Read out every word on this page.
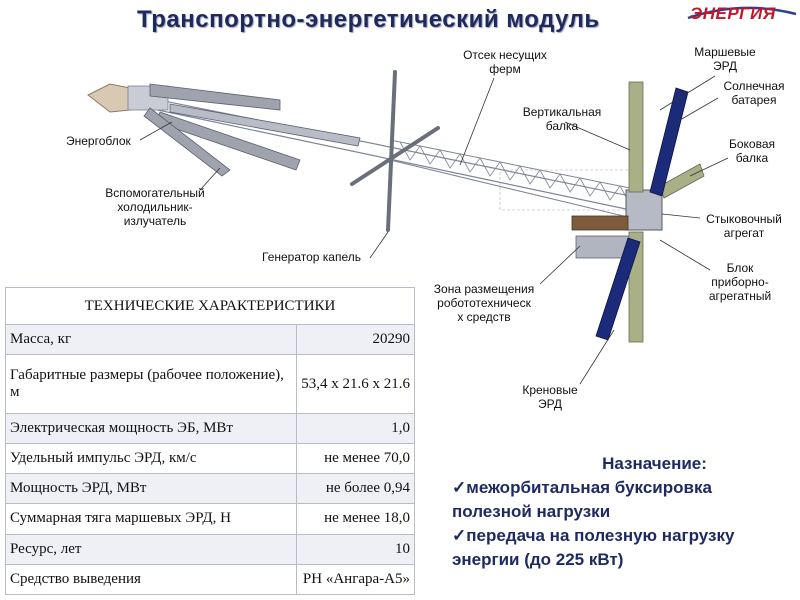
Транспортно-энергетический модуль	ЭНЕРГИЯ
Энергоблок
Вспомогательный
холодильник-
излучатель
Отсек несущих
ферм
Генератор капель
Вертикальная
балка
Маршевые
ЭРД
Солнечная
батарея
Боковая
балка
Стыковочный
агрегат
Блок
приборно-
агрегатный
Зона размещения
робототехническ
х средств
Креновые
ЭРД
ТЕХНИЧЕСКИЕ ХАРАКТЕРИСТИКИ	
Масса, кг	20290
Габаритные размеры (рабочее положение), м	53,4 х 21.6 х 21.6
Электрическая мощность ЭБ, МВт	1,0
Удельный импульс ЭРД, км/с	не менее 70,0
Мощность ЭРД, МВт	не более 0,94
Суммарная тяга маршевых ЭРД, Н	не менее 18,0
Ресурс, лет	10
Средство выведения	РН «Ангара-А5»
Назначение:
✓межорбитальная буксировка
полезной нагрузки
✓передача на полезную нагрузку
энергии (до 225 кВт)
